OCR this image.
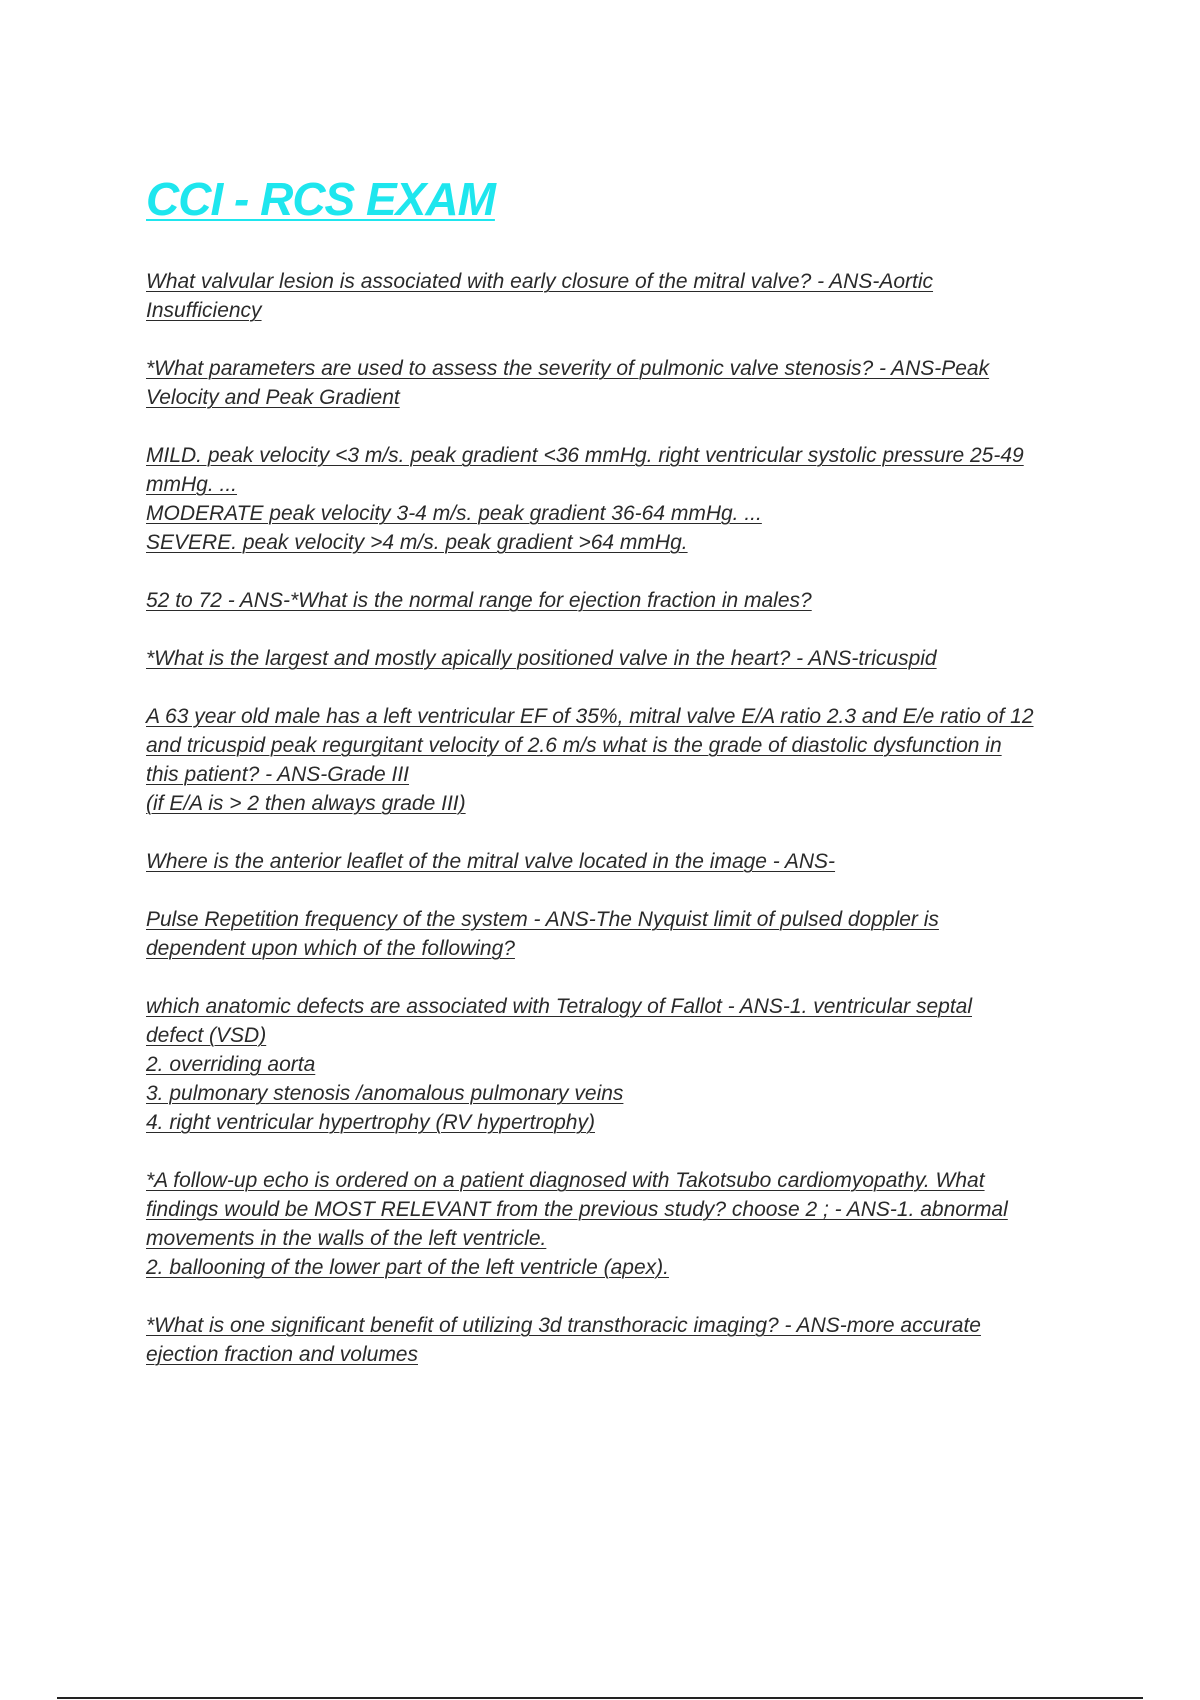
CCI - RCS EXAM
What valvular lesion is associated with early closure of the mitral valve? - ANS-Aortic
Insufficiency
*What parameters are used to assess the severity of pulmonic valve stenosis? - ANS-Peak
Velocity and Peak Gradient
MILD. peak velocity <3 m/s. peak gradient <36 mmHg. right ventricular systolic pressure 25-49
mmHg. ...
MODERATE peak velocity 3-4 m/s. peak gradient 36-64 mmHg. ...
SEVERE. peak velocity >4 m/s. peak gradient >64 mmHg.
52 to 72 - ANS-*What is the normal range for ejection fraction in males?
*What is the largest and mostly apically positioned valve in the heart? - ANS-tricuspid
A 63 year old male has a left ventricular EF of 35%, mitral valve E/A ratio 2.3 and E/e ratio of 12
and tricuspid peak regurgitant velocity of 2.6 m/s what is the grade of diastolic dysfunction in
this patient? - ANS-Grade III
(if E/A is > 2 then always grade III)
Where is the anterior leaflet of the mitral valve located in the image - ANS-
Pulse Repetition frequency of the system - ANS-The Nyquist limit of pulsed doppler is
dependent upon which of the following?
which anatomic defects are associated with Tetralogy of Fallot - ANS-1. ventricular septal
defect (VSD)
2. overriding aorta
3. pulmonary stenosis /anomalous pulmonary veins
4. right ventricular hypertrophy (RV hypertrophy)
*A follow-up echo is ordered on a patient diagnosed with Takotsubo cardiomyopathy. What
findings would be MOST RELEVANT from the previous study? choose 2 ; - ANS-1. abnormal
movements in the walls of the left ventricle.
2. ballooning of the lower part of the left ventricle (apex).
*What is one significant benefit of utilizing 3d transthoracic imaging? - ANS-more accurate
ejection fraction and volumes
